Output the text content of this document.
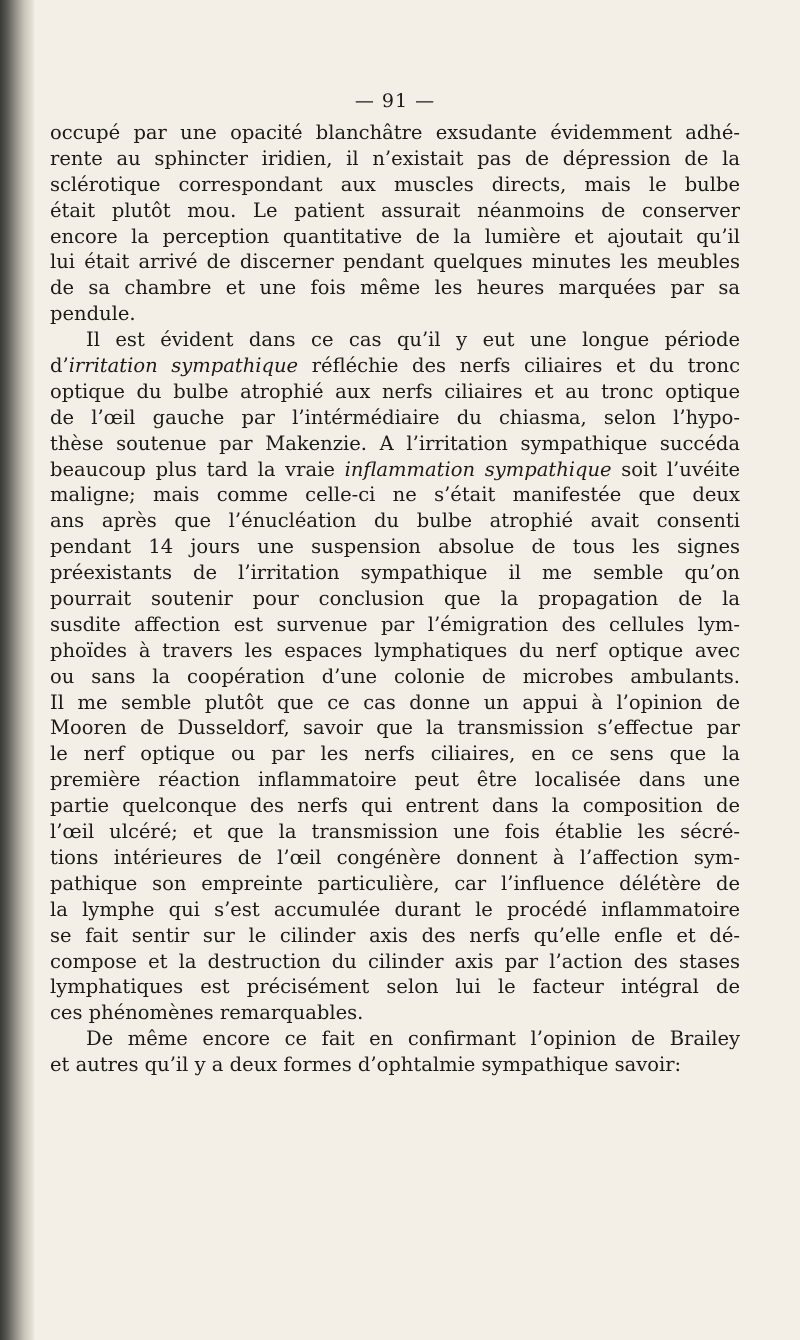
— 91 —
occupé par une opacité blanchâtre exsudante évidemment adhé-
rente au sphincter iridien, il n’existait pas de dépression de la
sclérotique correspondant aux muscles directs, mais le bulbe
était plutôt mou. Le patient assurait néanmoins de conserver
encore la perception quantitative de la lumière et ajoutait qu’il
lui était arrivé de discerner pendant quelques minutes les meubles
de sa chambre et une fois même les heures marquées par sa
pendule.
Il est évident dans ce cas qu’il y eut une longue période
d’irritation sympathique réfléchie des nerfs ciliaires et du tronc
optique du bulbe atrophié aux nerfs ciliaires et au tronc optique
de l’œil gauche par l’intérmédiaire du chiasma, selon l’hypo-
thèse soutenue par Makenzie. A l’irritation sympathique succéda
beaucoup plus tard la vraie inflammation sympathique soit l’uvéite
maligne; mais comme celle-ci ne s’était manifestée que deux
ans après que l’énucléation du bulbe atrophié avait consenti
pendant 14 jours une suspension absolue de tous les signes
préexistants de l’irritation sympathique il me semble qu’on
pourrait soutenir pour conclusion que la propagation de la
susdite affection est survenue par l’émigration des cellules lym-
phoïdes à travers les espaces lymphatiques du nerf optique avec
ou sans la coopération d’une colonie de microbes ambulants.
Il me semble plutôt que ce cas donne un appui à l’opinion de
Mooren de Dusseldorf, savoir que la transmission s’effectue par
le nerf optique ou par les nerfs ciliaires, en ce sens que la
première réaction inflammatoire peut être localisée dans une
partie quelconque des nerfs qui entrent dans la composition de
l’œil ulcéré; et que la transmission une fois établie les sécré-
tions intérieures de l’œil congénère donnent à l’affection sym-
pathique son empreinte particulière, car l’influence délétère de
la lymphe qui s’est accumulée durant le procédé inflammatoire
se fait sentir sur le cilinder axis des nerfs qu’elle enfle et dé-
compose et la destruction du cilinder axis par l’action des stases
lymphatiques est précisément selon lui le facteur intégral de
ces phénomènes remarquables.
De même encore ce fait en confirmant l’opinion de Brailey
et autres qu’il y a deux formes d’ophtalmie sympathique savoir:
